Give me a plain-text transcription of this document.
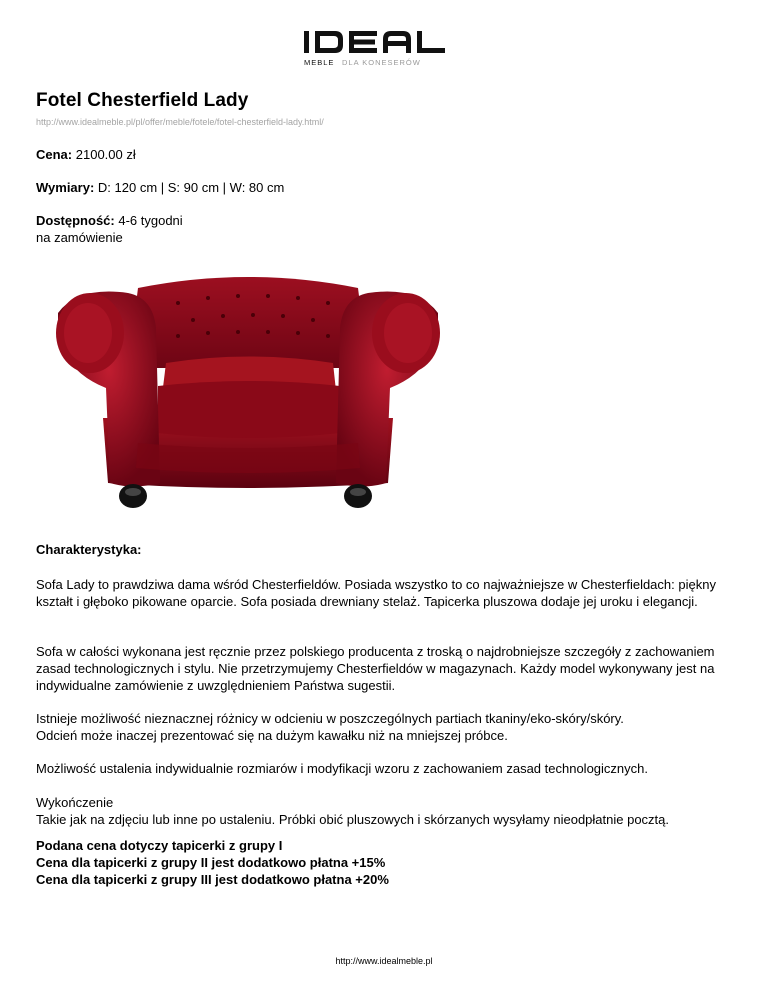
MEBLE DLA KONESERÓW
Fotel Chesterfield Lady
http://www.idealmeble.pl/pl/offer/meble/fotele/fotel-chesterfield-lady.html/
Cena: 2100.00 zł
Wymiary: D: 120 cm | S: 90 cm | W: 80 cm
Dostępność: 4-6 tygodni
na zamówienie
Charakterystyka:

Sofa Lady to prawdziwa dama wśród Chesterfieldów. Posiada wszystko to co najważniejsze w Chesterfieldach: piękny kształt i głęboko pikowane oparcie. Sofa posiada drewniany stelaż. Tapicerka pluszowa dodaje jej uroku i elegancji.

Sofa w całości wykonana jest ręcznie przez polskiego producenta z troską o najdrobniejsze szczegóły z zachowaniem zasad technologicznych i stylu. Nie przetrzymujemy Chesterfieldów w magazynach. Każdy model wykonywany jest na indywidualne zamówienie z uwzględnieniem Państwa sugestii.

Istnieje możliwość nieznacznej różnicy w odcieniu w poszczególnych partiach tkaniny/eko-skóry/skóry.
Odcień może inaczej prezentować się na dużym kawałku niż na mniejszej próbce.

Możliwość ustalenia indywidualnie rozmiarów i modyfikacji wzoru z zachowaniem zasad technologicznych.

Wykończenie
Takie jak na zdjęciu lub inne po ustaleniu. Próbki obić pluszowych i skórzanych wysyłamy nieodpłatnie pocztą.
Podana cena dotyczy tapicerki z grupy I
Cena dla tapicerki z grupy II jest dodatkowo płatna +15%
Cena dla tapicerki z grupy III jest dodatkowo płatna +20%
http://www.idealmeble.pl
